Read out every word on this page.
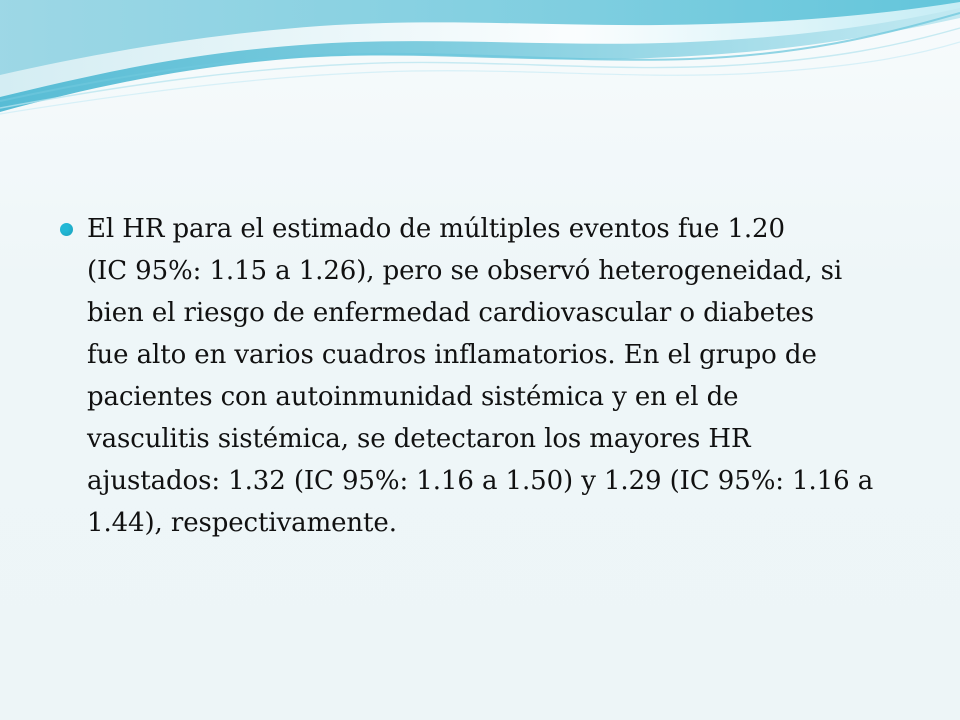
El HR para el estimado de múltiples eventos fue 1.20
(IC 95%: 1.15 a 1.26), pero se observó heterogeneidad, si
bien el riesgo de enfermedad cardiovascular o diabetes
fue alto en varios cuadros inflamatorios. En el grupo de
pacientes con autoinmunidad sistémica y en el de
vasculitis sistémica, se detectaron los mayores HR
ajustados: 1.32 (IC 95%: 1.16 a 1.50) y 1.29 (IC 95%: 1.16 a
1.44), respectivamente.
